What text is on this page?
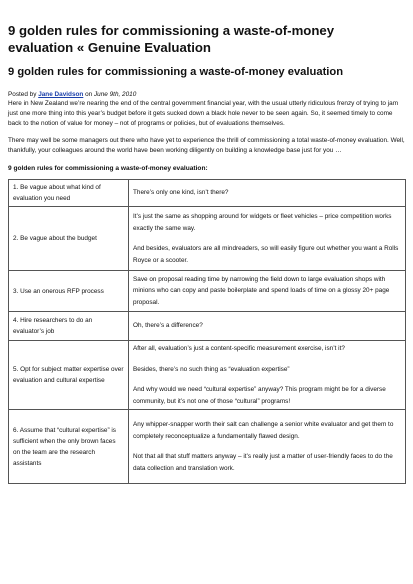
9 golden rules for commissioning a waste-of-money evaluation « Genuine Evaluation
9 golden rules for commissioning a waste-of-money evaluation
Posted by Jane Davidson on June 9th, 2010

Here in New Zealand we’re nearing the end of the central government financial year, with the usual utterly ridiculous frenzy of trying to jam just one more thing into this year’s budget before it gets sucked down a black hole never to be seen again. So, it seemed timely to come back to the notion of value for money – not of programs or policies, but of evaluations themselves.

There may well be some managers out there who have yet to experience the thrill of commissioning a total waste-of-money evaluation. Well, thankfully, your colleagues around the world have been working diligently on building a knowledge base just for you …

9 golden rules for commissioning a waste-of-money evaluation:

1. Be vague about what kind of evaluation you need	There’s only one kind, isn’t there?

2. Be vague about the budget	It’s just the same as shopping around for widgets or fleet vehicles – price competition works exactly the same way.

And besides, evaluators are all mindreaders, so will easily figure out whether you want a Rolls Royce or a scooter.

3. Use an onerous RFP process	Save on proposal reading time by narrowing the field down to large evaluation shops with minions who can copy and paste boilerplate and spend loads of time on a glossy 20+ page proposal.

4. Hire researchers to do an evaluator’s job	Oh, there’s a difference?

5. Opt for subject matter expertise over evaluation and cultural expertise	After all, evaluation’s just a content-specific measurement exercise, isn’t it?

Besides, there’s no such thing as “evaluation expertise”

And why would we need “cultural expertise” anyway? This program might be for a diverse community, but it’s not one of those “cultural” programs!

6. Assume that “cultural expertise” is sufficient when the only brown faces on the team are the research assistants	Any whipper-snapper worth their salt can challenge a senior white evaluator and get them to completely reconceptualize a fundamentally flawed design.

Not that all that stuff matters anyway – it’s really just a matter of user-friendly faces to do the data collection and translation work.
